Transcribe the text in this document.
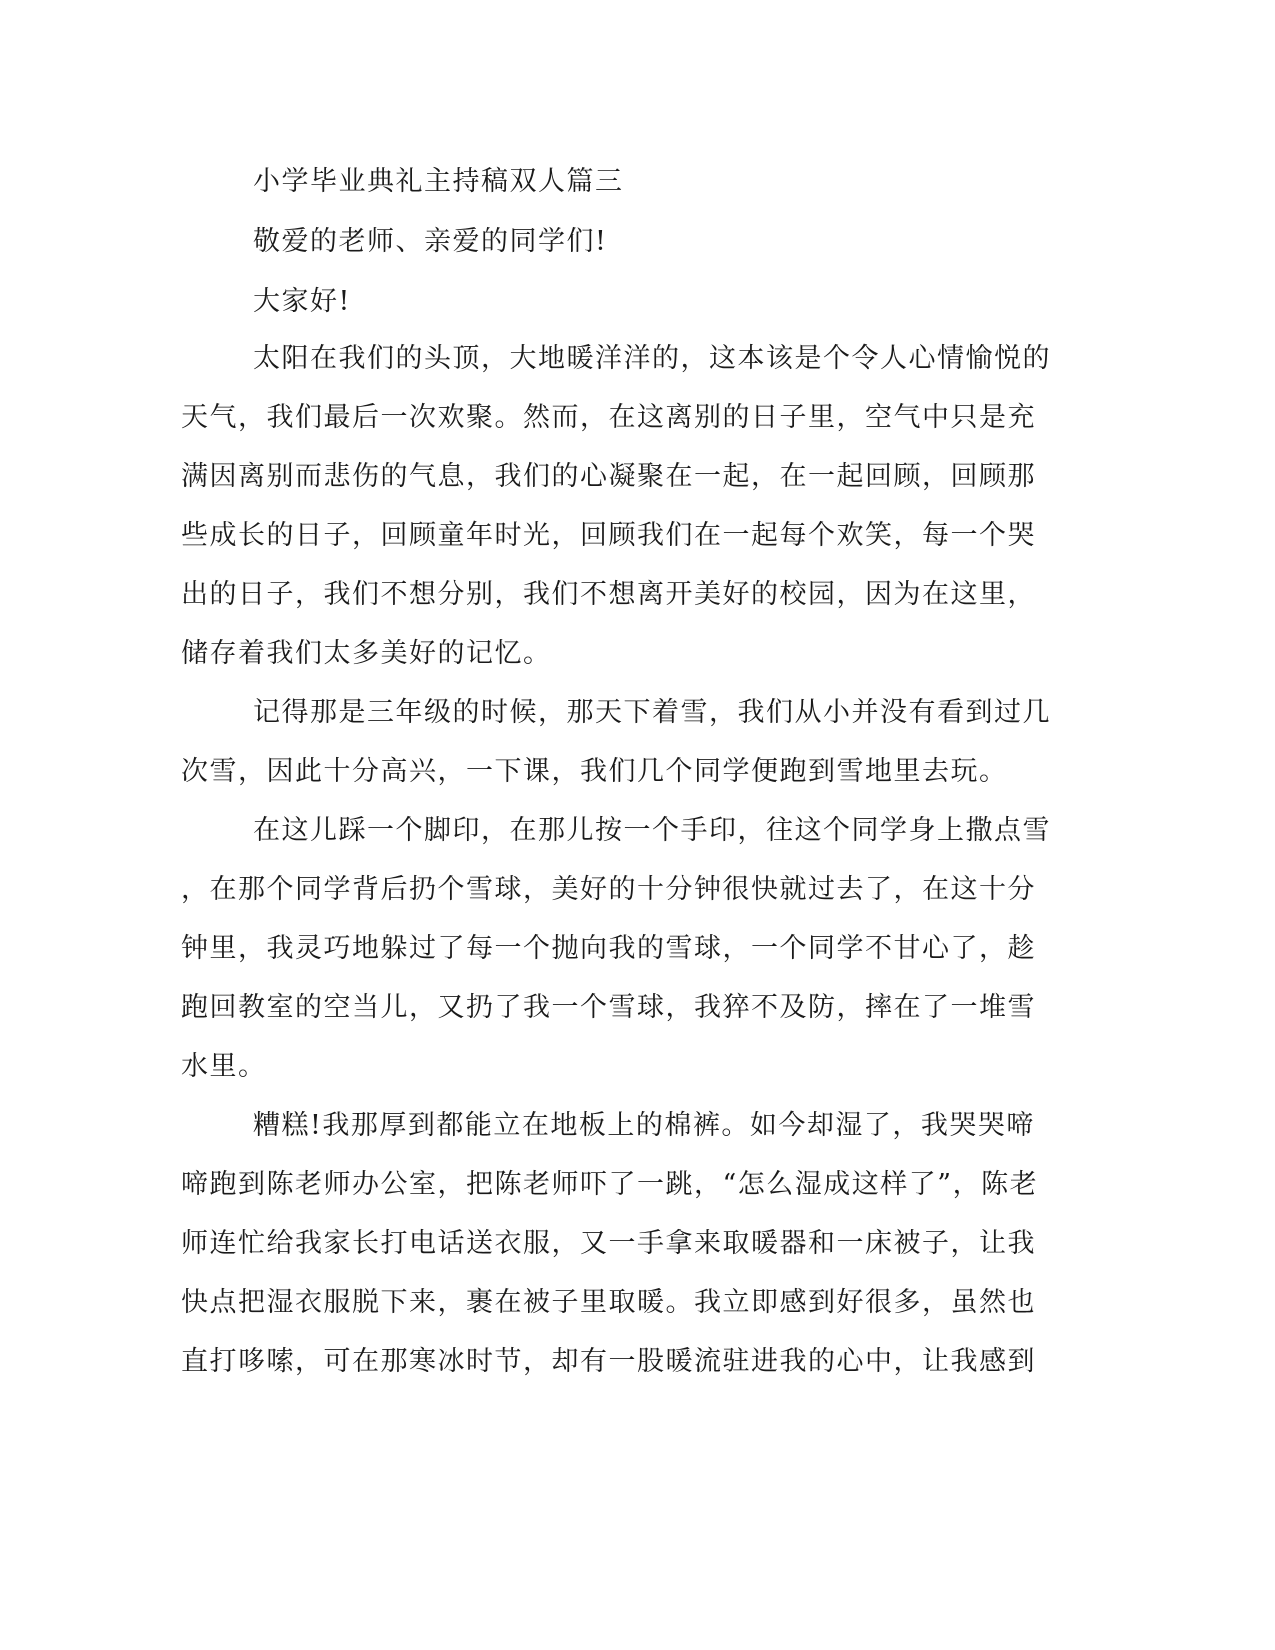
小学毕业典礼主持稿双人篇三
敬爱的老师、亲爱的同学们!
大家好!
太阳在我们的头顶，大地暖洋洋的，这本该是个令人心情愉悦的
天气，我们最后一次欢聚。然而，在这离别的日子里，空气中只是充
满因离别而悲伤的气息，我们的心凝聚在一起，在一起回顾，回顾那
些成长的日子，回顾童年时光，回顾我们在一起每个欢笑，每一个哭
出的日子，我们不想分别，我们不想离开美好的校园，因为在这里，
储存着我们太多美好的记忆。
记得那是三年级的时候，那天下着雪，我们从小并没有看到过几
次雪，因此十分高兴，一下课，我们几个同学便跑到雪地里去玩。
在这儿踩一个脚印，在那儿按一个手印，往这个同学身上撒点雪
，在那个同学背后扔个雪球，美好的十分钟很快就过去了，在这十分
钟里，我灵巧地躲过了每一个抛向我的雪球，一个同学不甘心了，趁
跑回教室的空当儿，又扔了我一个雪球，我猝不及防，摔在了一堆雪
水里。
糟糕!我那厚到都能立在地板上的棉裤。如今却湿了，我哭哭啼
啼跑到陈老师办公室，把陈老师吓了一跳，“怎么湿成这样了”，陈老
师连忙给我家长打电话送衣服，又一手拿来取暖器和一床被子，让我
快点把湿衣服脱下来，裹在被子里取暖。我立即感到好很多，虽然也
直打哆嗦，可在那寒冰时节，却有一股暖流驻进我的心中，让我感到
